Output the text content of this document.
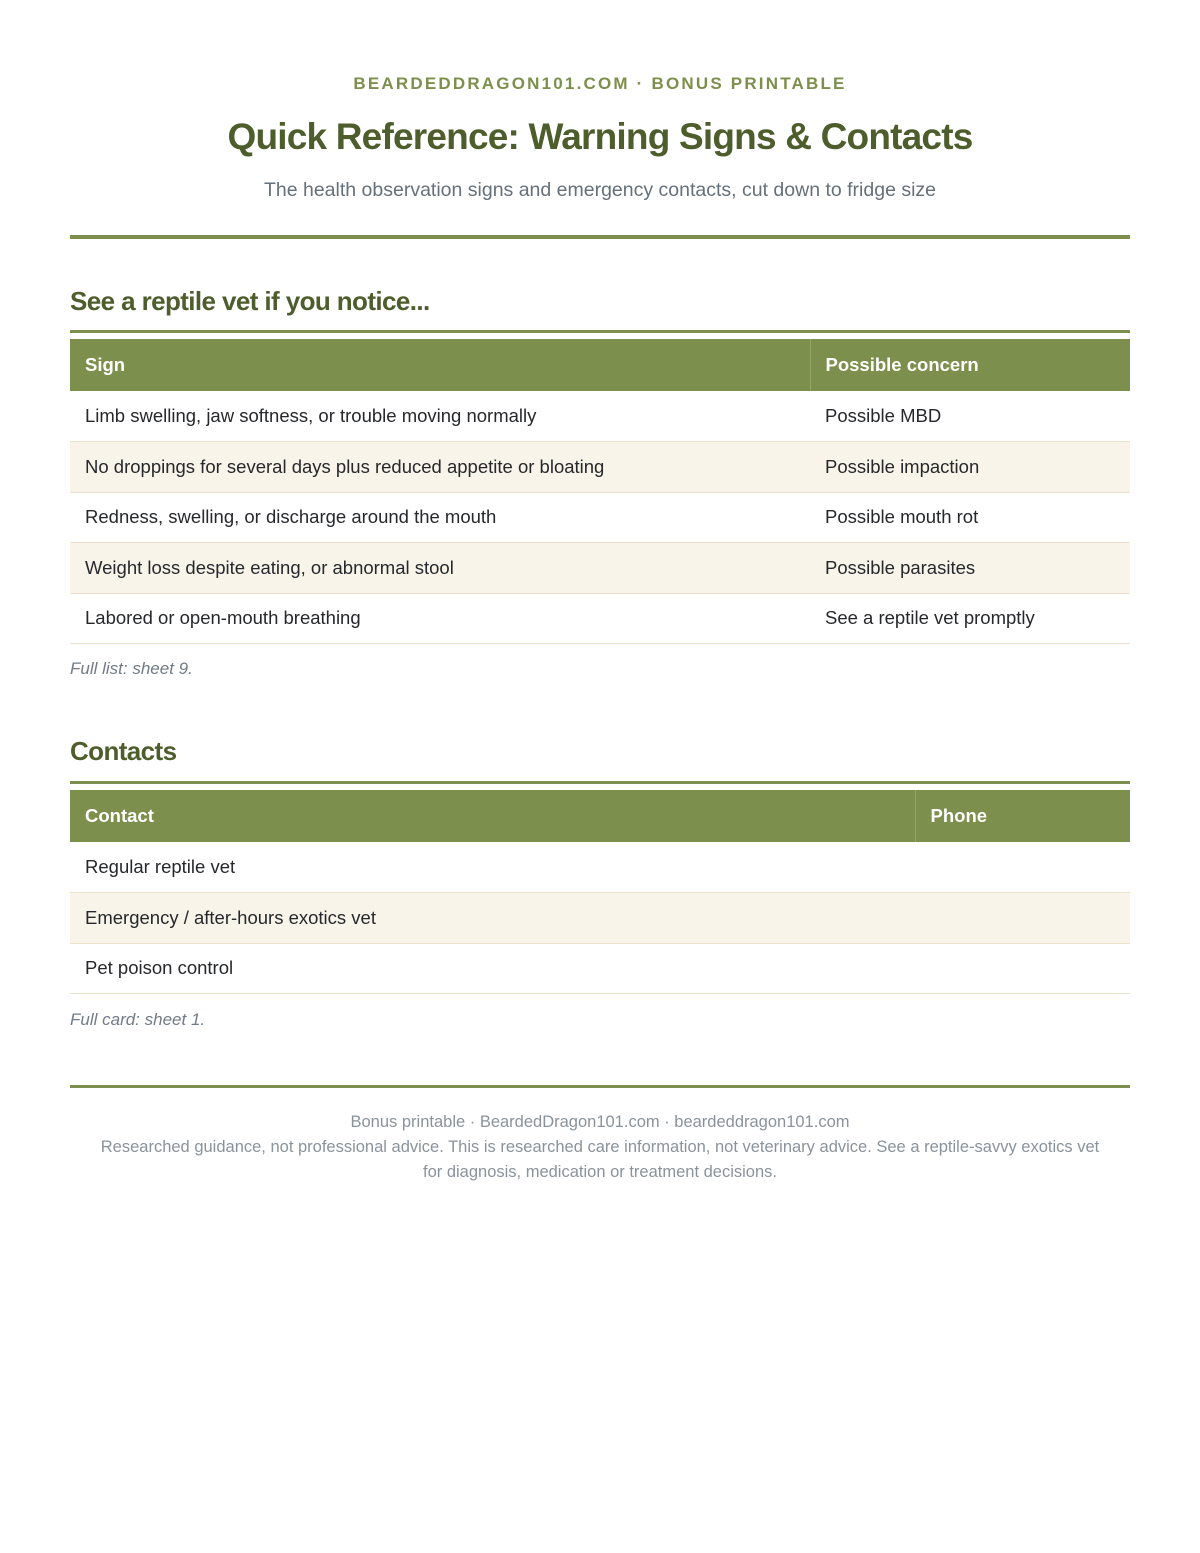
BEARDEDDRAGON101.COM · BONUS PRINTABLE
Quick Reference: Warning Signs & Contacts
The health observation signs and emergency contacts, cut down to fridge size
See a reptile vet if you notice...
Sign	Possible concern
Limb swelling, jaw softness, or trouble moving normally	Possible MBD
No droppings for several days plus reduced appetite or bloating	Possible impaction
Redness, swelling, or discharge around the mouth	Possible mouth rot
Weight loss despite eating, or abnormal stool	Possible parasites
Labored or open-mouth breathing	See a reptile vet promptly
Full list: sheet 9.
Contacts
Contact	Phone
Regular reptile vet	
Emergency / after-hours exotics vet	
Pet poison control	
Full card: sheet 1.
Bonus printable · BeardedDragon101.com · beardeddragon101.com
Researched guidance, not professional advice. This is researched care information, not veterinary advice. See a reptile-savvy exotics vet for diagnosis, medication or treatment decisions.
